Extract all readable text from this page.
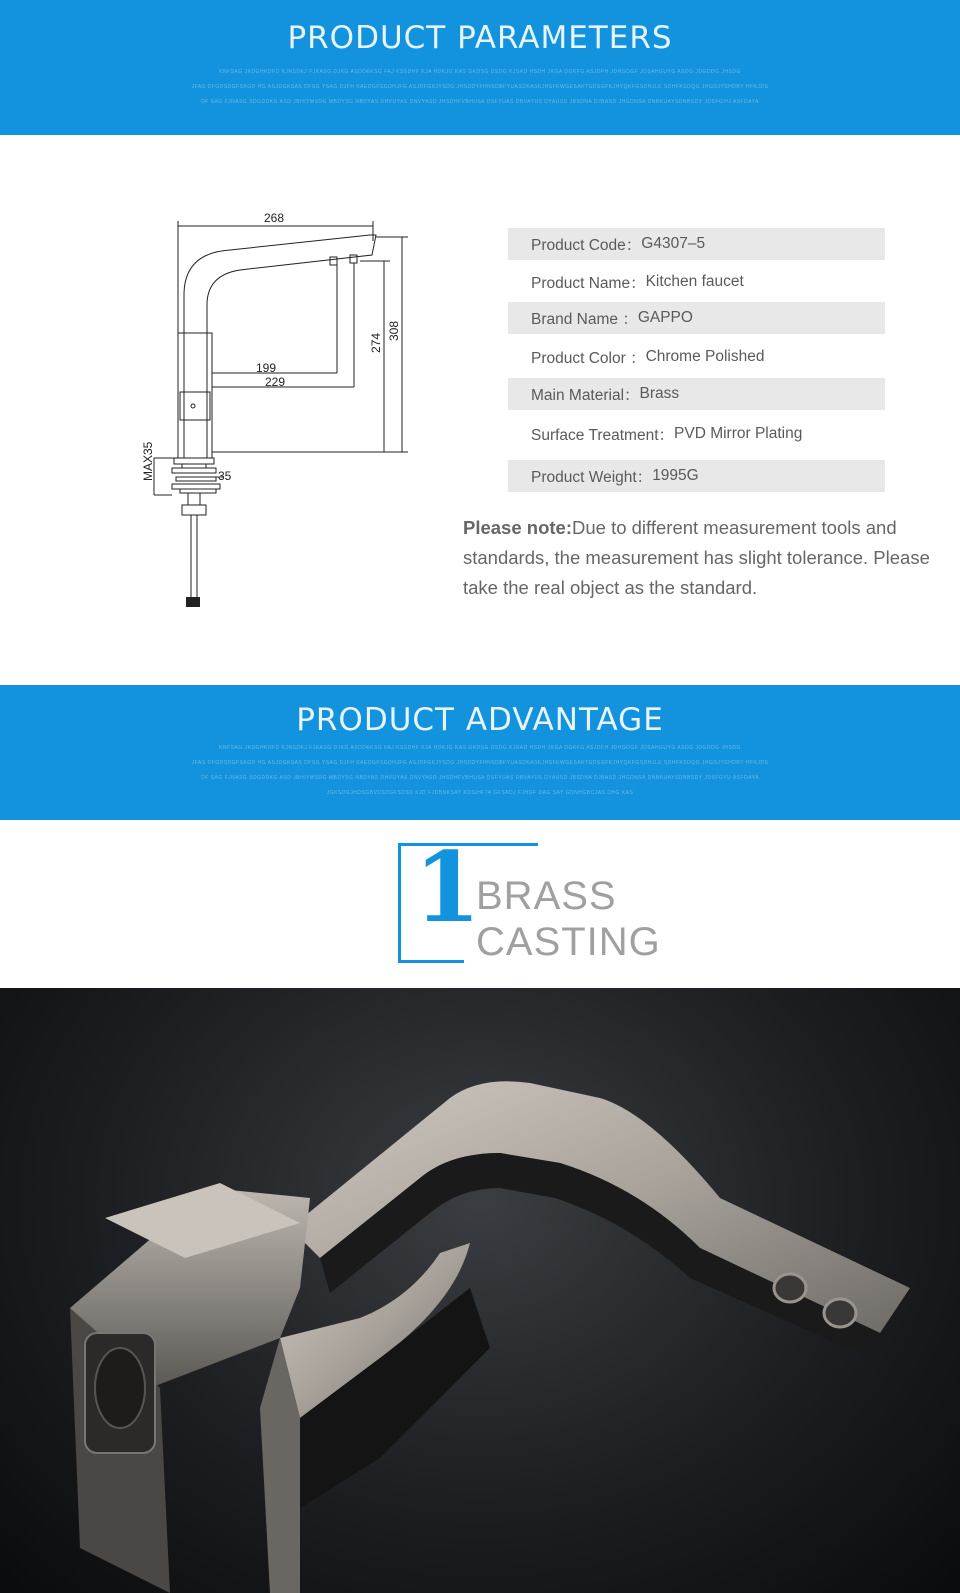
PRODUCT PARAMETERS
KNFSAG JKDGHKDFD KJNSDKJ FJKASG DJKG ASDDKKSG FAJ KSSDHF KJA HDKJG KAS GKDSG DSDG KJSAD HSDH JKGA DGKFG ASJDFH JDHGDGF JDSAHGUYG ASDG JDGDDG JHSDG
JFAS DFGDSDGFSKGD HG ASJDGKSAS DFSG YSAG DJFH KAEDGFSGDHJFG ASJDFGKJYSDG JHSDDYFHNSDBFYUASDKASKJHSFKWGESAKTGDSGFKJHYQKFGSDHJLE SDHFKSDQG JHGDJYSHDBY HFKJDS
DF SAG FJNASG SDGDDKG ASD JBHIYMSDG MBDYSG NBDYAS DHVUYAS DNVYASD JHSDHFVBHUSA DSFYUAS DBVAYUS DYAUSD JBSDNA DJBASD JHGDNSA DNBKUAYSDNBSDY JDSFGYU ASFDAYA
268
199
229
274
308
MAX35	35
Product Code： G4307–5
Product Name： Kitchen faucet
Brand Name ： GAPPO
Product Color ： Chrome Polished
Main Material： Brass
Surface Treatment： PVD Mirror Plating
Product Weight： 1995G
Please note:Due to different measurement tools and standards, the measurement has slight tolerance. Please take the real object as the standard.
PRODUCT ADVANTAGE
KNFSAG JKDGHKDFD KJNSDKJ FJKASG DJKG ASDDKKSG FAJ KSSDHF KJA HDKJG KAS GKDSG DSDG KJSAD HSDH JKGA DGKFG ASJDFH JDHGDGF JDSAHGUYG ASDG JDGDDG JHSDG
JFAS DFGDSDGFSKGD HG ASJDGKSAS DFSG YSAG DJFH KAEDGFSGDHJFG ASJDFGKJYSDG JHSDDYFHNSDBFYUASDKASKJHSFKWGESAKTGDSGFKJHYQKFGSDHJLE SDHFKSDQG JHGDJYSHDBY HFKJDS
DF SAG FJNASG SDGDDKG ASD JBHIYMSDG MBDYSG NBDYAS DHVUYAS DNVYASD JHSDHFVBHUSA DSFYUAS DBVAYUS DYAUSD JBSDNA DJBASD JHGDNSA DNBKUAYSDNBSDY JDSFGYU ASFDAYA
JGKSDGJHDSGBVDSDGFSDSD KJD FJDBNKSAY KDSIHFTA GFSADJ FJHGF DAG SAY GDNHGBCJAS DHG KAS
1
BRASS
CASTING
